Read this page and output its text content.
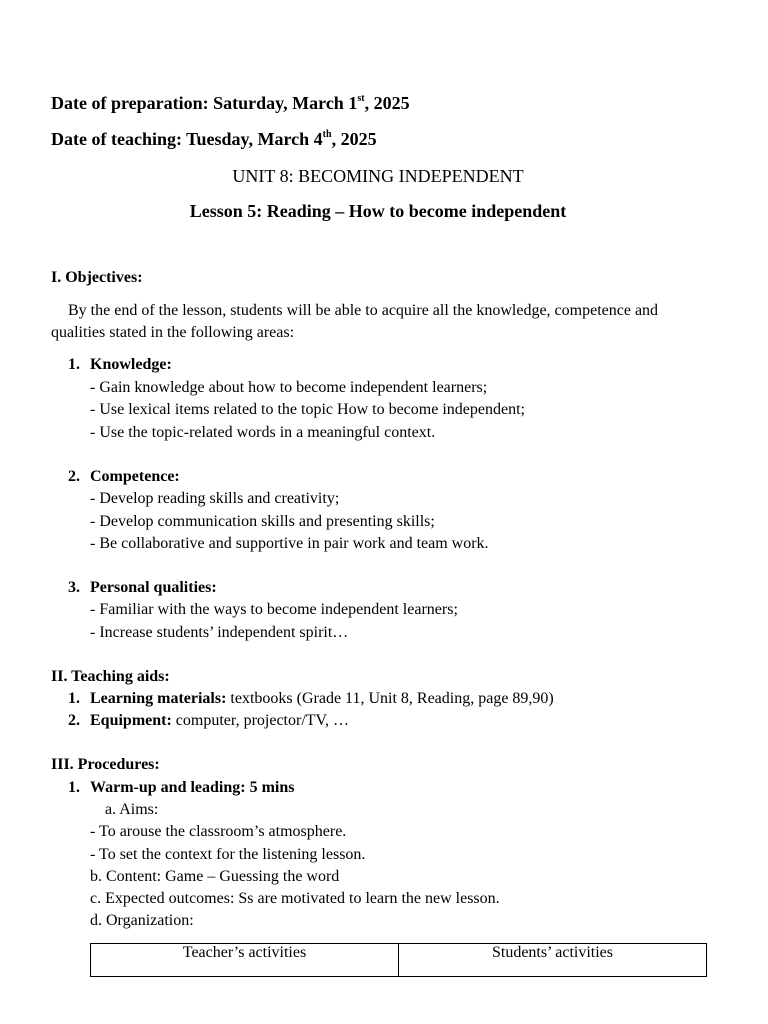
Date of preparation: Saturday, March 1st, 2025
Date of teaching: Tuesday, March 4th, 2025
UNIT 8: BECOMING INDEPENDENT
Lesson 5: Reading – How to become independent
I. Objectives:
By the end of the lesson, students will be able to acquire all the knowledge, competence and
qualities stated in the following areas:
1. Knowledge:
- Gain knowledge about how to become independent learners;
- Use lexical items related to the topic How to become independent;
- Use the topic-related words in a meaningful context.
2. Competence:
- Develop reading skills and creativity;
- Develop communication skills and presenting skills;
- Be collaborative and supportive in pair work and team work.
3. Personal qualities:
- Familiar with the ways to become independent learners;
- Increase students’ independent spirit…
II. Teaching aids:
1. Learning materials: textbooks (Grade 11, Unit 8, Reading, page 89,90)
2. Equipment: computer, projector/TV, …
III. Procedures:
1. Warm-up and leading: 5 mins
a. Aims:
- To arouse the classroom’s atmosphere.
- To set the context for the listening lesson.
b. Content: Game – Guessing the word
c. Expected outcomes: Ss are motivated to learn the new lesson.
d. Organization:
Teacher’s activities	Students’ activities
